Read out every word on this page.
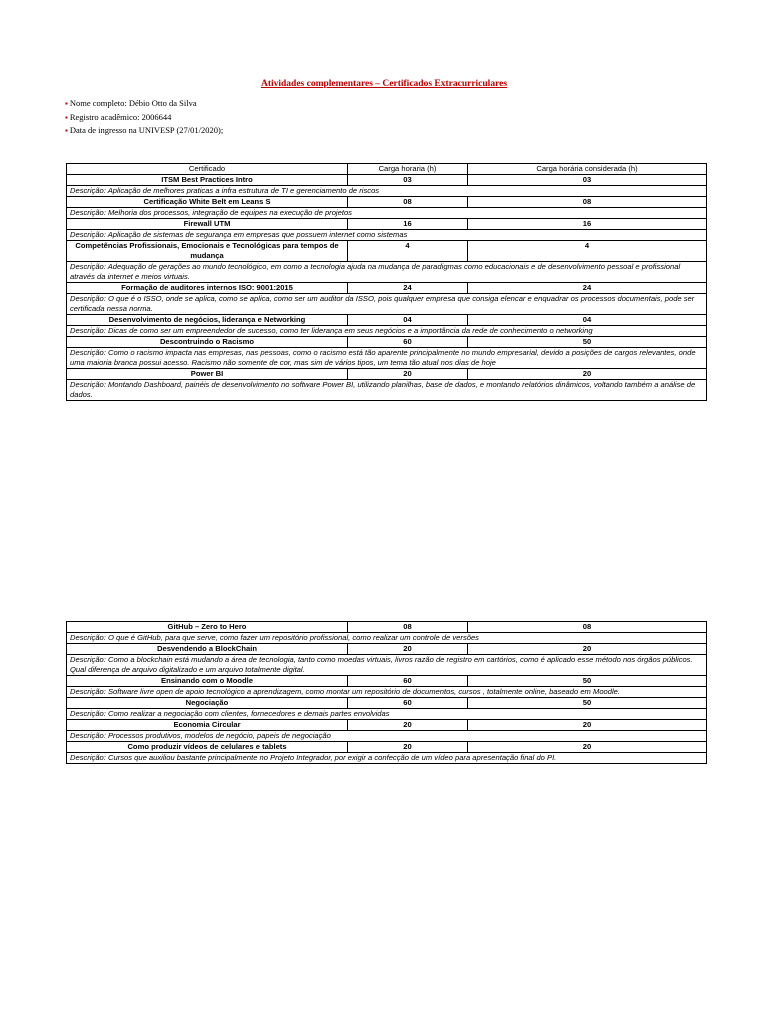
Atividades complementares – Certificados Extracurriculares
▪ Nome completo: Débio Otto da Silva
▪ Registro acadêmico: 2006644
▪ Data de ingresso na UNIVESP (27/01/2020);
Certificado	Carga horaria (h)	Carga horária considerada (h)
ITSM Best Practices Intro	03	03
Descrição: Aplicação de melhores praticas a infra estrutura de TI e gerenciamento de riscos		
Certificação White Belt em Leans S	08	08
Descrição: Melhoria dos processos, integração de equipes na execução de projetos		
Firewall UTM	16	16
Descrição: Aplicação de sistemas de segurança em empresas que possuem internet como sistemas		
Competências Profissionais, Emocionais e Tecnológicas para tempos de mudança	4	4
Descrição: Adequação de gerações ao mundo tecnológico, em como a tecnologia ajuda na mudança de paradigmas como educacionais e de desenvolvimento pessoal e profissional através da internet e meios virtuais.		
Formação de auditores internos ISO: 9001:2015	24	24
Descrição: O que é o ISSO, onde se aplica, como se aplica, como ser um auditor da ISSO, pois qualquer empresa que consiga elencar e enquadrar os processos documentais, pode ser certificada nessa norma.		
Desenvolvimento de negócios, liderança e Networking	04	04
Descrição: Dicas de como ser um empreendedor de sucesso, como ter liderança em seus negócios e a importância da rede de conhecimento o networking		
Descontruindo o Racismo	60	50
Descrição: Como o racismo impacta nas empresas, nas pessoas, como o racismo está tão aparente principalmente no mundo empresarial, devido a posições de cargos relevantes, onde uma maioria branca possui acesso. Racismo não somente de cor, mas sim de vários tipos, um tema tão atual nos dias de hoje		
Power BI	20	20
Descrição: Montando Dashboard, painéis de desenvolvimento no software Power BI, utilizando planilhas, base de dados, e montando relatórios dinâmicos, voltando também a análise de dados.		
GitHub – Zero to Hero	08	08
Descrição: O que é GitHub, para que serve, como fazer um repositório profissional, como realizar um controle de versões		
Desvendendo a BlockChain	20	20
Descrição: Como a blockchain está mudando a área de tecnologia, tanto como moedas virtuais, livros razão de registro em cartórios, como é aplicado esse método nos órgãos públicos. Qual diferença de arquivo digitalizado e um arquivo totalmente digital.		
Ensinando com o Moodle	60	50
Descrição: Software livre open de apoio tecnológico a aprendizagem, como montar um repositório de documentos, cursos , totalmente online, baseado em Moodle.		
Negociação	60	50
Descrição: Como realizar a negociação com clientes, fornecedores e demais partes envolvidas		
Economia Circular	20	20
Descrição: Processos produtivos, modelos de negócio, papeis de negociação		
Como produzir vídeos de celulares e tablets	20	20
Descrição: Cursos que auxiliou bastante principalmente no Projeto Integrador, por exigir a confecção de um vídeo para apresentação final do PI.		
